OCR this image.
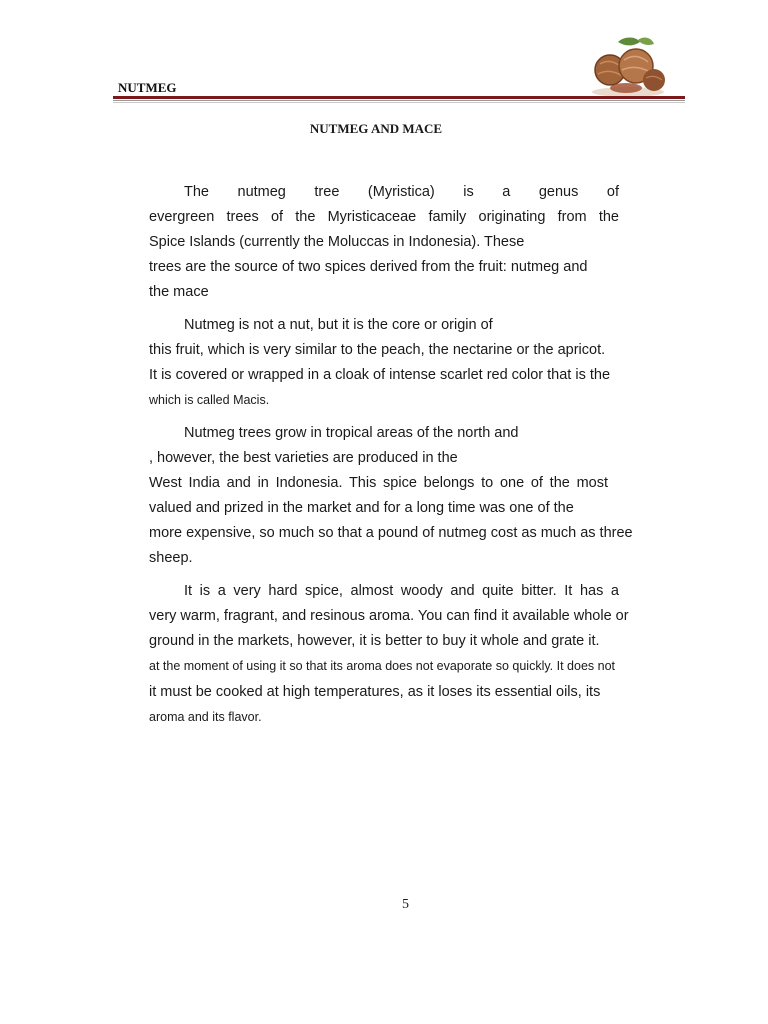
NUTMEG
NUTMEG AND MACE
The nutmeg tree (Myristica) is a genus of
evergreen trees of the Myristicaceae family originating from the
Spice Islands (currently the Moluccas in Indonesia). These
trees are the source of two spices derived from the fruit: nutmeg and
the mace
Nutmeg is not a nut, but it is the core or origin of
this fruit, which is very similar to the peach, the nectarine or the apricot.
It is covered or wrapped in a cloak of intense scarlet red color that is the
which is called Macis.
Nutmeg trees grow in tropical areas of the north and
, however, the best varieties are produced in the
West India and in Indonesia. This spice belongs to one of the most
valued and prized in the market and for a long time was one of the
more expensive, so much so that a pound of nutmeg cost as much as three
sheep.
It is a very hard spice, almost woody and quite bitter. It has a
very warm, fragrant, and resinous aroma. You can find it available whole or
ground in the markets, however, it is better to buy it whole and grate it.
at the moment of using it so that its aroma does not evaporate so quickly. It does not
it must be cooked at high temperatures, as it loses its essential oils, its
aroma and its flavor.
5
